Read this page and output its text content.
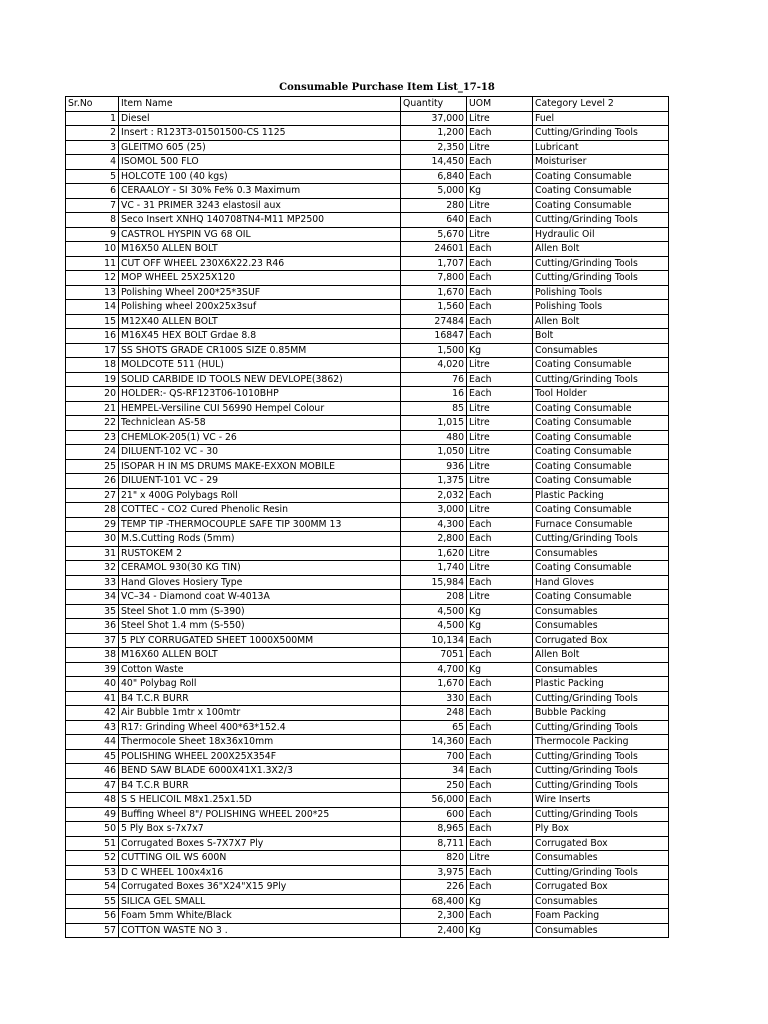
Consumable Purchase Item List_17-18
Sr.No	Item Name	Quantity	UOM	Category Level 2
1	Diesel	37,000	Litre	Fuel
2	Insert : R123T3-01501500-CS 1125	1,200	Each	Cutting/Grinding Tools
3	GLEITMO 605 (25)	2,350	Litre	Lubricant
4	ISOMOL 500 FLO	14,450	Each	Moisturiser
5	HOLCOTE 100 (40 kgs)	6,840	Each	Coating Consumable
6	CERAALOY - SI 30% Fe% 0.3 Maximum	5,000	Kg	Coating Consumable
7	VC - 31 PRIMER 3243 elastosil aux	280	Litre	Coating Consumable
8	Seco Insert XNHQ 140708TN4-M11 MP2500	640	Each	Cutting/Grinding Tools
9	CASTROL HYSPIN VG 68 OIL	5,670	Litre	Hydraulic Oil
10	M16X50 ALLEN BOLT	24601	Each	Allen Bolt
11	CUT OFF WHEEL 230X6X22.23 R46	1,707	Each	Cutting/Grinding Tools
12	MOP WHEEL 25X25X120	7,800	Each	Cutting/Grinding Tools
13	Polishing Wheel 200*25*3SUF	1,670	Each	Polishing Tools
14	Polishing wheel 200x25x3suf	1,560	Each	Polishing Tools
15	M12X40 ALLEN BOLT	27484	Each	Allen Bolt
16	M16X45 HEX BOLT Grdae 8.8	16847	Each	Bolt
17	SS SHOTS GRADE CR100S SIZE 0.85MM	1,500	Kg	Consumables
18	MOLDCOTE 511 (HUL)	4,020	Litre	Coating Consumable
19	SOLID CARBIDE ID TOOLS NEW DEVLOPE(3862)	76	Each	Cutting/Grinding Tools
20	HOLDER:- QS-RF123T06-1010BHP	16	Each	Tool Holder
21	HEMPEL-Versiline CUI 56990 Hempel Colour	85	Litre	Coating Consumable
22	Techniclean AS-58	1,015	Litre	Coating Consumable
23	CHEMLOK-205(1) VC - 26	480	Litre	Coating Consumable
24	DILUENT-102 VC - 30	1,050	Litre	Coating Consumable
25	ISOPAR H IN MS DRUMS MAKE-EXXON MOBILE	936	Litre	Coating Consumable
26	DILUENT-101 VC - 29	1,375	Litre	Coating Consumable
27	21" x 400G Polybags Roll	2,032	Each	Plastic Packing
28	COTTEC - CO2 Cured Phenolic Resin	3,000	Litre	Coating Consumable
29	TEMP TIP -THERMOCOUPLE SAFE TIP 300MM 13	4,300	Each	Furnace Consumable
30	M.S.Cutting Rods (5mm)	2,800	Each	Cutting/Grinding Tools
31	RUSTOKEM 2	1,620	Litre	Consumables
32	CERAMOL 930(30 KG TIN)	1,740	Litre	Coating Consumable
33	Hand Gloves Hosiery Type	15,984	Each	Hand Gloves
34	VC–34 - Diamond coat W-4013A	208	Litre	Coating Consumable
35	Steel Shot 1.0 mm (S-390)	4,500	Kg	Consumables
36	Steel Shot 1.4 mm (S-550)	4,500	Kg	Consumables
37	5 PLY CORRUGATED SHEET 1000X500MM	10,134	Each	Corrugated Box
38	M16X60 ALLEN BOLT	7051	Each	Allen Bolt
39	Cotton Waste	4,700	Kg	Consumables
40	40" Polybag Roll	1,670	Each	Plastic Packing
41	B4 T.C.R BURR	330	Each	Cutting/Grinding Tools
42	Air Bubble 1mtr x 100mtr	248	Each	Bubble Packing
43	R17: Grinding Wheel 400*63*152.4	65	Each	Cutting/Grinding Tools
44	Thermocole Sheet 18x36x10mm	14,360	Each	Thermocole Packing
45	POLISHING WHEEL 200X25X354F	700	Each	Cutting/Grinding Tools
46	BEND SAW BLADE 6000X41X1.3X2/3	34	Each	Cutting/Grinding Tools
47	B4 T.C.R BURR	250	Each	Cutting/Grinding Tools
48	S S HELICOIL M8x1.25x1.5D	56,000	Each	Wire Inserts
49	Buffing Wheel 8"/ POLISHING WHEEL 200*25	600	Each	Cutting/Grinding Tools
50	5 Ply Box s-7x7x7	8,965	Each	Ply Box
51	Corrugated Boxes S-7X7X7 Ply	8,711	Each	Corrugated Box
52	CUTTING OIL WS 600N	820	Litre	Consumables
53	D C WHEEL 100x4x16	3,975	Each	Cutting/Grinding Tools
54	Corrugated Boxes 36"X24"X15 9Ply	226	Each	Corrugated Box
55	SILICA GEL SMALL	68,400	Kg	Consumables
56	Foam 5mm White/Black	2,300	Each	Foam Packing
57	COTTON WASTE NO 3 .	2,400	Kg	Consumables
